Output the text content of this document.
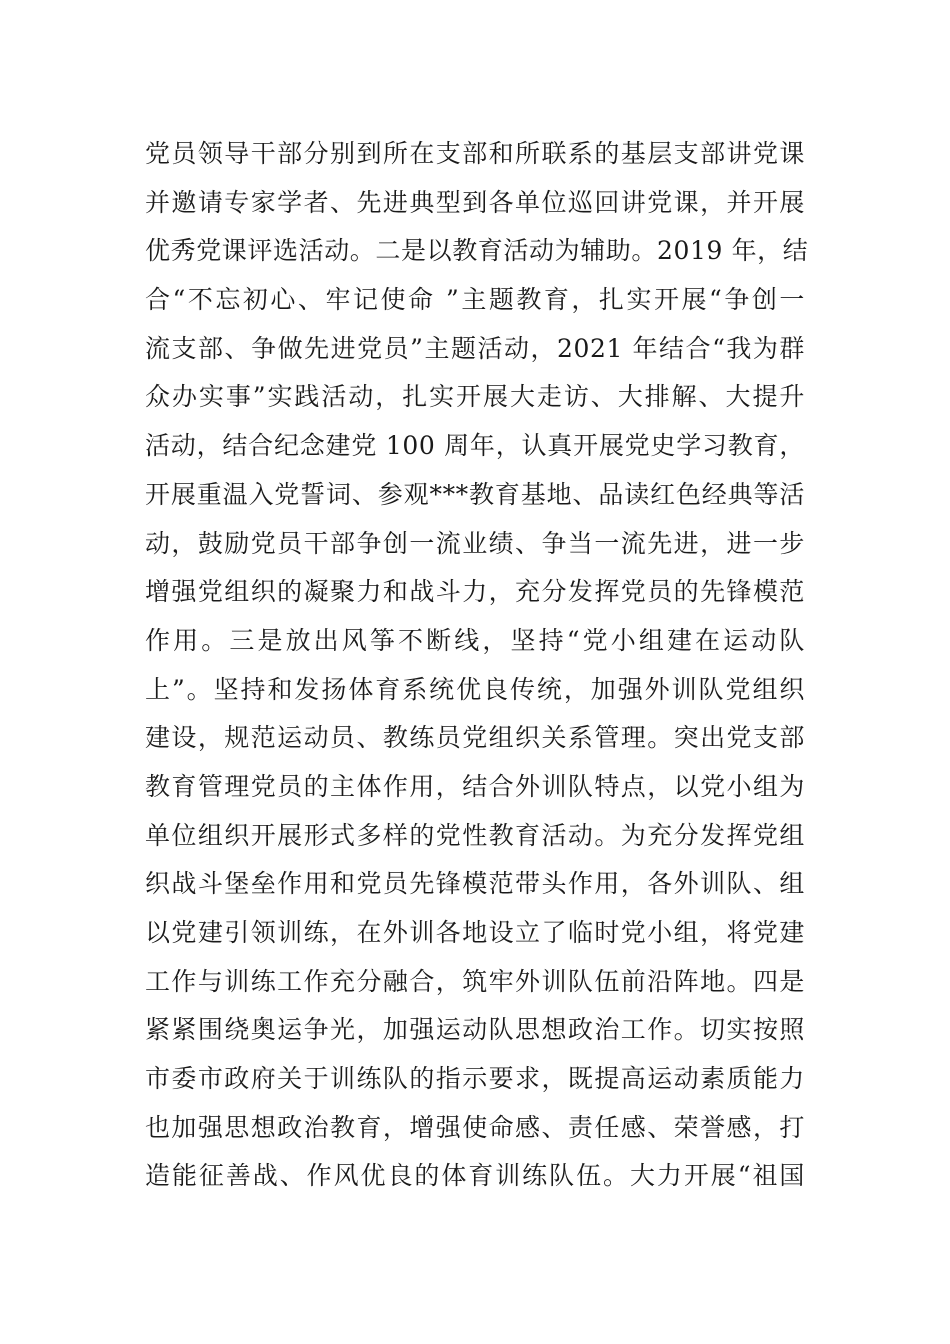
党员领导干部分别到所在支部和所联系的基层支部讲党课
并邀请专家学者、先进典型到各单位巡回讲党课，并开展
优秀党课评选活动。二是以教育活动为辅助。2019 年，结
合“不忘初心、牢记使命 ”主题教育，扎实开展“争创一
流支部、争做先进党员”主题活动，2021 年结合“我为群
众办实事”实践活动，扎实开展大走访、大排解、大提升
活动，结合纪念建党 100 周年，认真开展党史学习教育，
开展重温入党誓词、参观***教育基地、品读红色经典等活
动，鼓励党员干部争创一流业绩、争当一流先进，进一步
增强党组织的凝聚力和战斗力，充分发挥党员的先锋模范
作用。三是放出风筝不断线，坚持“党小组建在运动队
上”。坚持和发扬体育系统优良传统，加强外训队党组织
建设，规范运动员、教练员党组织关系管理。突出党支部
教育管理党员的主体作用，结合外训队特点，以党小组为
单位组织开展形式多样的党性教育活动。为充分发挥党组
织战斗堡垒作用和党员先锋模范带头作用，各外训队、组
以党建引领训练，在外训各地设立了临时党小组，将党建
工作与训练工作充分融合，筑牢外训队伍前沿阵地。四是
紧紧围绕奥运争光，加强运动队思想政治工作。切实按照
市委市政府关于训练队的指示要求，既提高运动素质能力
也加强思想政治教育，增强使命感、责任感、荣誉感，打
造能征善战、作风优良的体育训练队伍。大力开展“祖国
